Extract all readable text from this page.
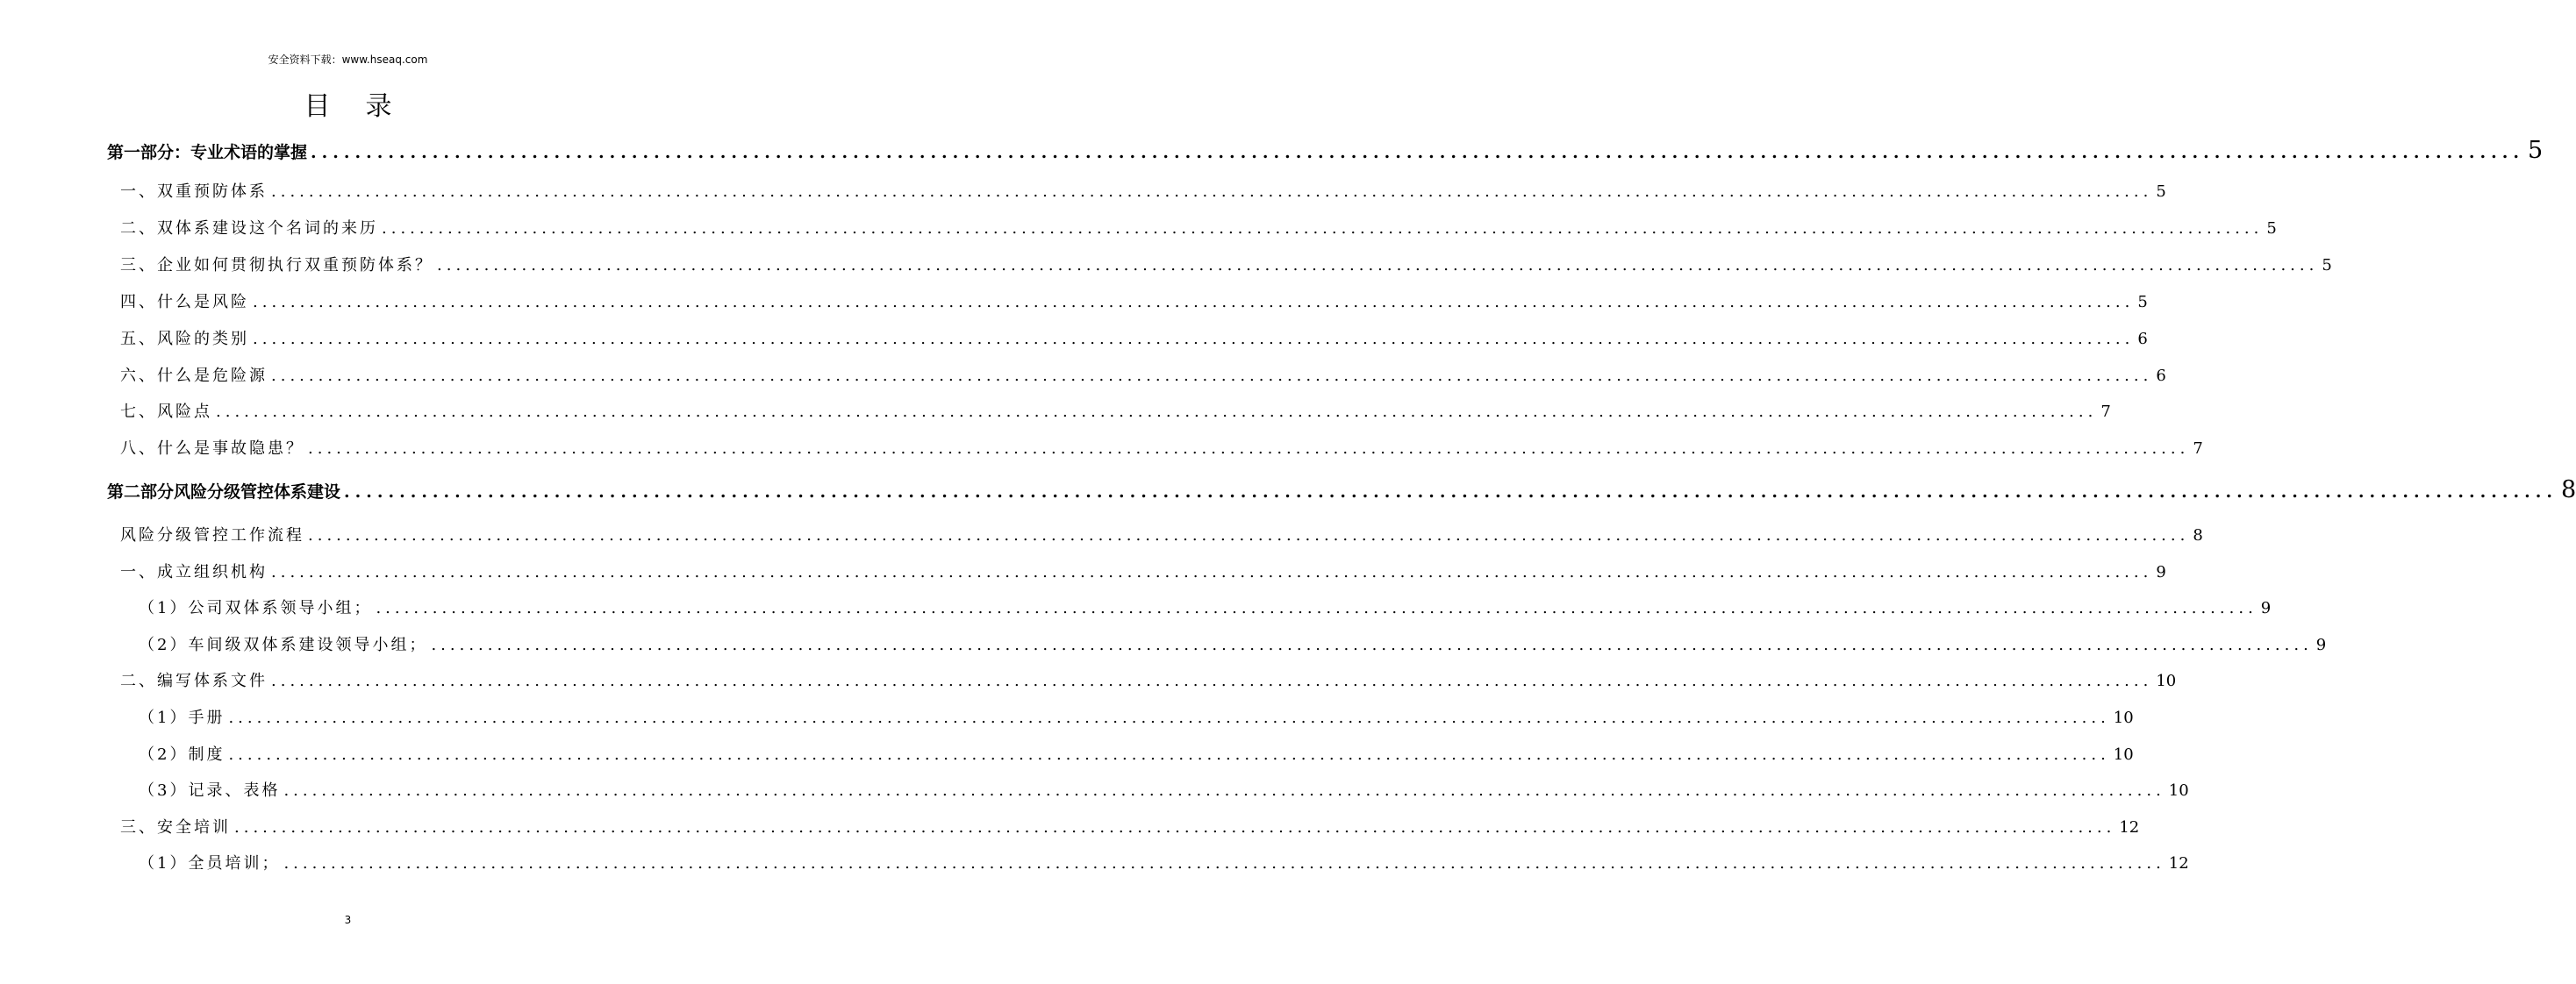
安全资料下载：www.hseaq.com
目录
第一部分：专业术语的掌握 ........................................................................................................................................................................................................ 5
一、双重预防体系 ........................................................................................................................................................................................................ 5
二、双体系建设这个名词的来历 ........................................................................................................................................................................................................ 5
三、企业如何贯彻执行双重预防体系？ ........................................................................................................................................................................................................ 5
四、什么是风险 ........................................................................................................................................................................................................ 5
五、风险的类别 ........................................................................................................................................................................................................ 6
六、什么是危险源 ........................................................................................................................................................................................................ 6
七、风险点 ........................................................................................................................................................................................................ 7
八、什么是事故隐患？ ........................................................................................................................................................................................................ 7
第二部分风险分级管控体系建设 ........................................................................................................................................................................................................ 8
风险分级管控工作流程 ........................................................................................................................................................................................................ 8
一、成立组织机构 ........................................................................................................................................................................................................ 9
（1）公司双体系领导小组； ........................................................................................................................................................................................................ 9
（2）车间级双体系建设领导小组； ........................................................................................................................................................................................................ 9
二、编写体系文件 ........................................................................................................................................................................................................ 10
（1）手册 ........................................................................................................................................................................................................ 10
（2）制度 ........................................................................................................................................................................................................ 10
（3）记录、表格 ........................................................................................................................................................................................................ 10
三、安全培训 ........................................................................................................................................................................................................ 12
（1）全员培训； ........................................................................................................................................................................................................ 12
3
